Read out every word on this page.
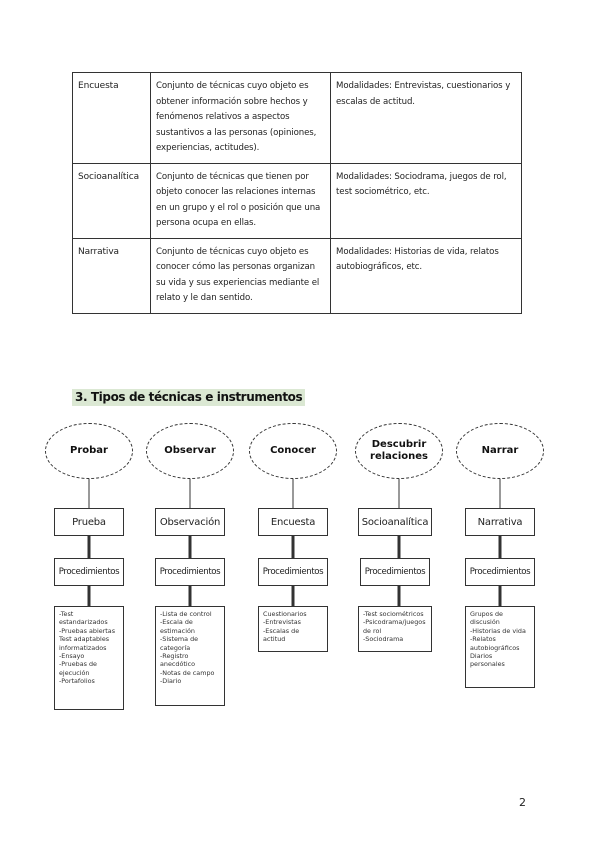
Encuesta	Conjunto de técnicas cuyo objeto es obtener información sobre hechos y fenómenos relativos a aspectos sustantivos a las personas (opiniones, experiencias, actitudes).	Modalidades: Entrevistas, cuestionarios y escalas de actitud.
Socioanalítica	Conjunto de técnicas que tienen por objeto conocer las relaciones internas en un grupo y el rol o posición que una persona ocupa en ellas.	Modalidades: Sociodrama, juegos de rol, test sociométrico, etc.
Narrativa	Conjunto de técnicas cuyo objeto es conocer cómo las personas organizan su vida y sus experiencias mediante el relato y le dan sentido.	Modalidades: Historias de vida, relatos autobiográficos, etc.
3. Tipos de técnicas e instrumentos
Probar
Prueba
Procedimientos
-Test estandarizados
-Pruebas abiertas
Test adaptables
informatizados
-Ensayo
-Pruebas de
ejecución
-Portafolios
Observar
Observación
Procedimientos
-Lista de control
-Escala de
estimación
-Sistema de
categoría
-Registro
anecdótico
-Notas de campo
-Diario
Conocer
Encuesta
Procedimientos
Cuestionarios
-Entrevistas
-Escalas de
actitud
Descubrir relaciones
Socioanalítica
Procedimientos
-Test sociométricos
-Psicodrama/juegos
de rol
-Sociodrama
Narrar
Narrativa
Procedimientos
Grupos de
discusión
-Historias de vida
-Relatos
autobiográficos
Diarios
personales
2
